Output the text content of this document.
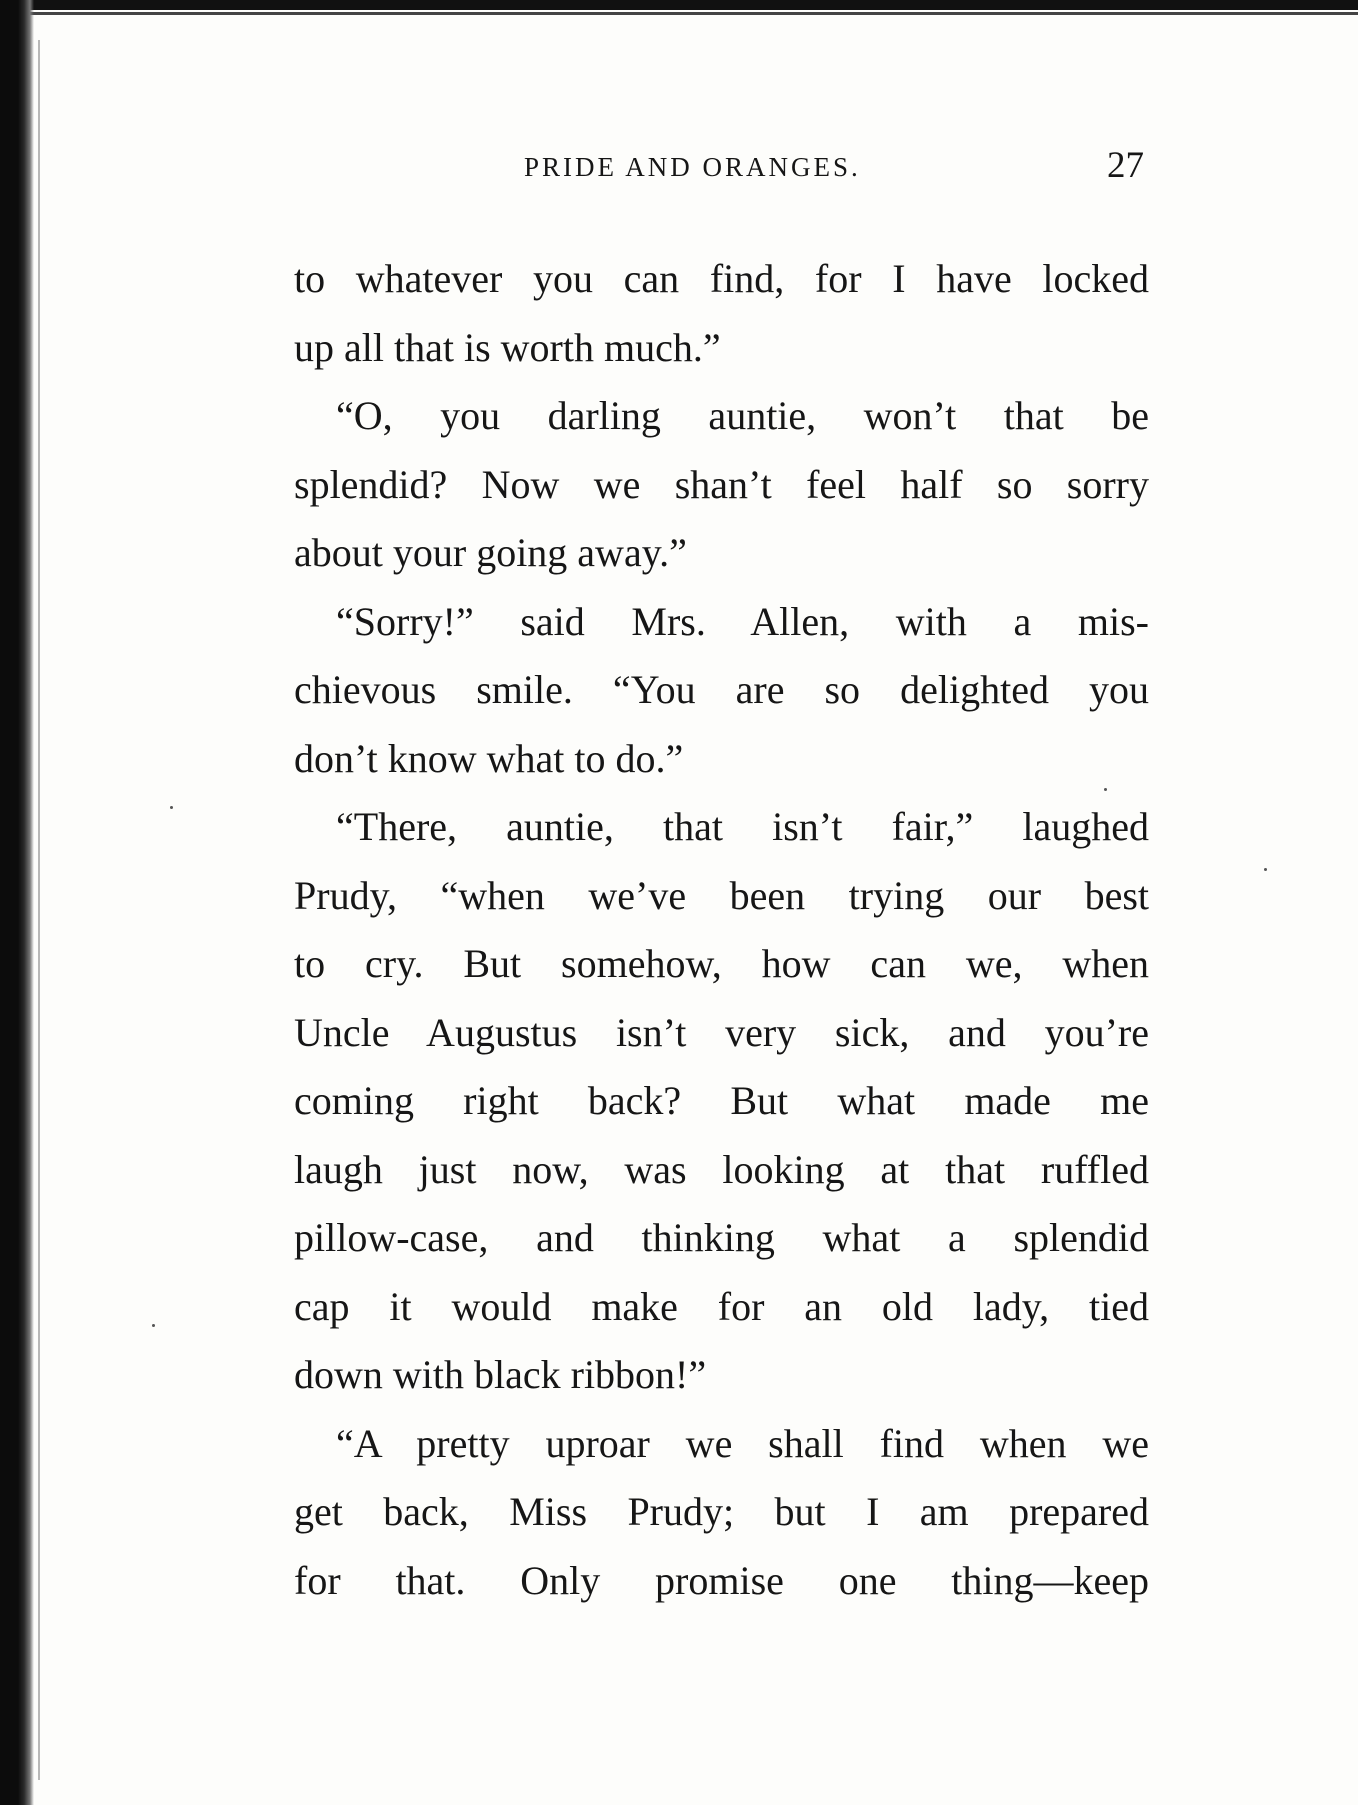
PRIDE AND ORANGES.	27
to whatever you can find, for I have locked
up all that is worth much.”
“O, you darling auntie, won’t that be
splendid? Now we shan’t feel half so sorry
about your going away.”
“Sorry!” said Mrs. Allen, with a mis-
chievous smile. “You are so delighted you
don’t know what to do.”
“There, auntie, that isn’t fair,” laughed
Prudy, “when we’ve been trying our best
to cry. But somehow, how can we, when
Uncle Augustus isn’t very sick, and you’re
coming right back? But what made me
laugh just now, was looking at that ruffled
pillow-case, and thinking what a splendid
cap it would make for an old lady, tied
down with black ribbon!”
“A pretty uproar we shall find when we
get back, Miss Prudy; but I am prepared
for that. Only promise one thing—keep
